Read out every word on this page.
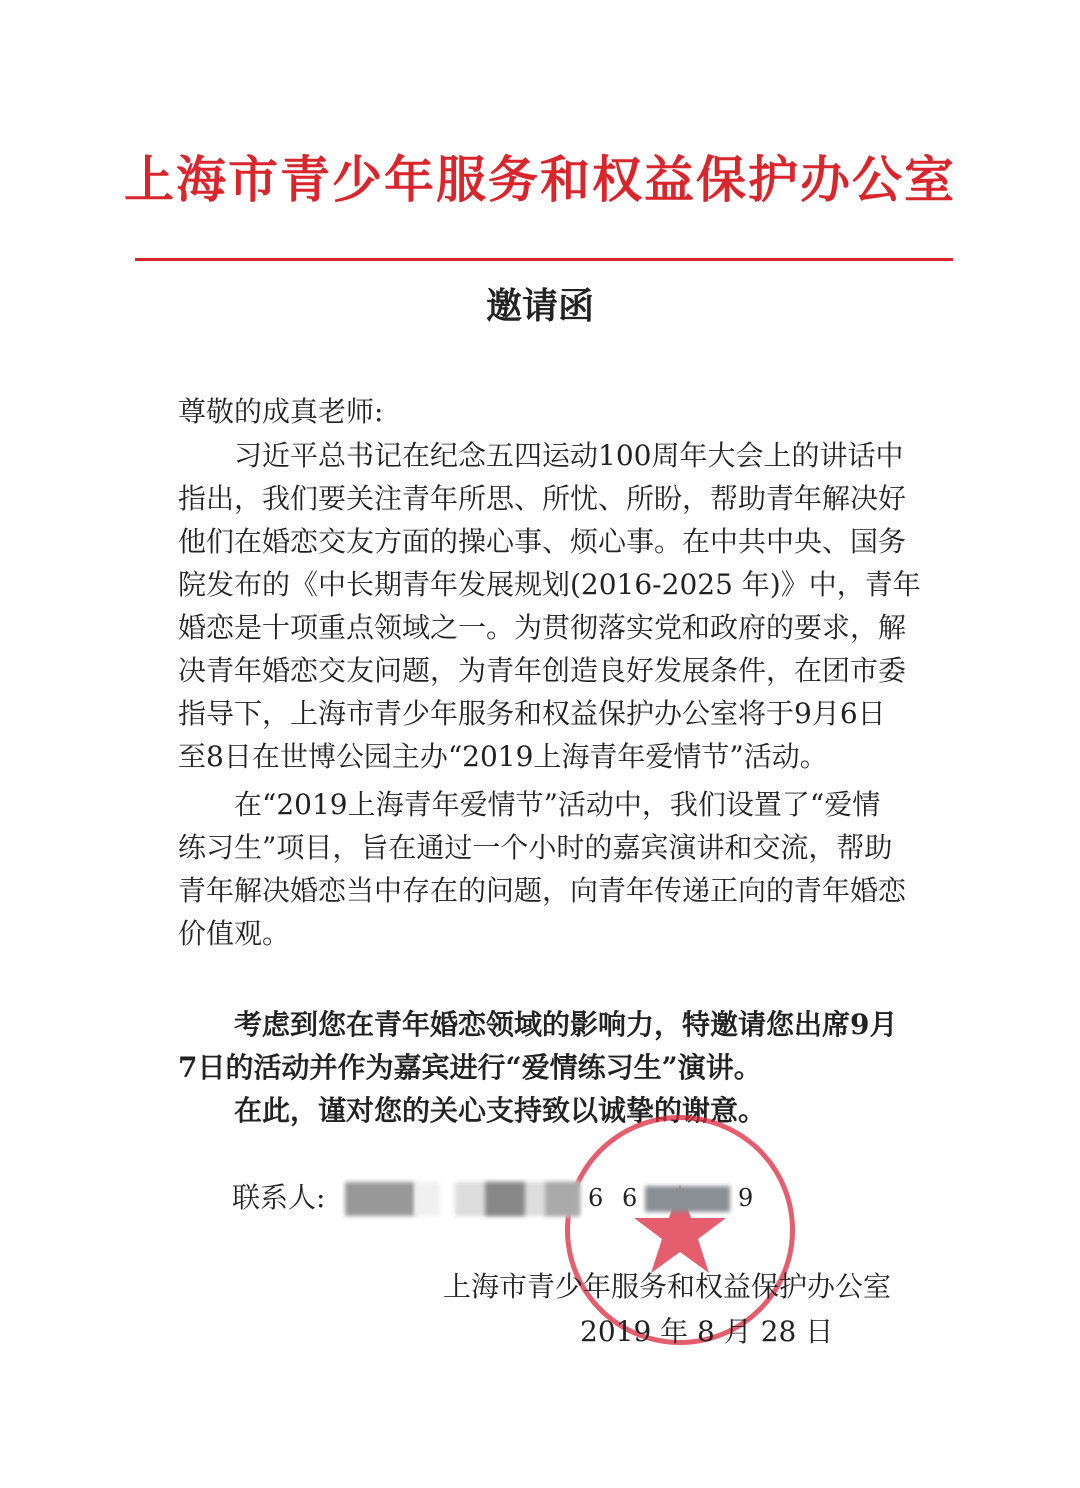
上海市青少年服务和权益保护办公室
邀请函
尊敬的成真老师:
　　习近平总书记在纪念五四运动100周年大会上的讲话中
指出，我们要关注青年所思、所忧、所盼，帮助青年解决好
他们在婚恋交友方面的操心事、烦心事。在中共中央、国务
院发布的《中长期青年发展规划(2016-2025 年)》中，青年
婚恋是十项重点领域之一。为贯彻落实党和政府的要求，解
决青年婚恋交友问题，为青年创造良好发展条件，在团市委
指导下，上海市青少年服务和权益保护办公室将于9月6日
至8日在世博公园主办“2019上海青年爱情节”活动。
　　在“2019上海青年爱情节”活动中，我们设置了“爱情
练习生”项目，旨在通过一个小时的嘉宾演讲和交流，帮助
青年解决婚恋当中存在的问题，向青年传递正向的青年婚恋
价值观。
　　考虑到您在青年婚恋领域的影响力，特邀请您出席9月
7日的活动并作为嘉宾进行“爱情练习生”演讲。
　　在此，谨对您的关心支持致以诚挚的谢意。
联系人:	6 6	9
上海市青少年服务和权益保护办公室
2019 年 8 月 28 日
